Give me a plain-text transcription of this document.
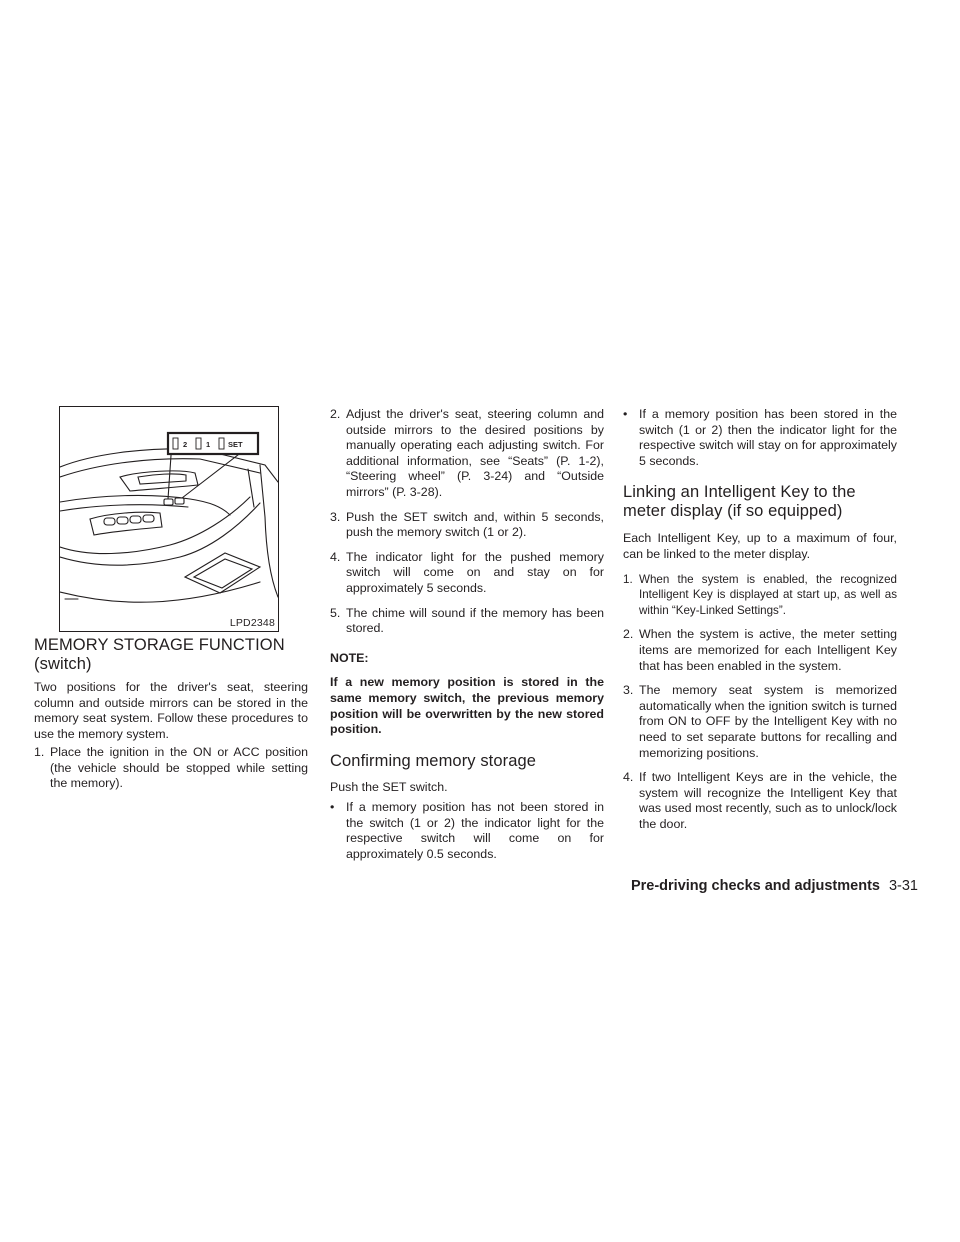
2	1 SET
LPD2348
MEMORY STORAGE FUNCTION
(switch)

Two positions for the driver's seat, steering column and outside mirrors can be stored in the memory seat system. Follow these procedures to use the memory system.

1. Place the ignition in the ON or ACC position (the vehicle should be stopped while setting the memory).
2. Adjust the driver's seat, steering column and outside mirrors to the desired positions by manually operating each adjusting switch. For additional information, see “Seats” (P. 1-2), “Steering wheel” (P. 3-24) and “Outside mirrors” (P. 3-28).
3. Push the SET switch and, within 5 seconds, push the memory switch (1 or 2).
4. The indicator light for the pushed memory switch will come on and stay on for approximately 5 seconds.
5. The chime will sound if the memory has been stored.

NOTE:

If a new memory position is stored in the same memory switch, the previous memory position will be overwritten by the new stored position.

Confirming memory storage

Push the SET switch.

• If a memory position has not been stored in the switch (1 or 2) the indicator light for the respective switch will come on for approximately 0.5 seconds.
• If a memory position has been stored in the switch (1 or 2) then the indicator light for the respective switch will stay on for approximately 5 seconds.
Linking an Intelligent Key to the
meter display (if so equipped)

Each Intelligent Key, up to a maximum of four, can be linked to the meter display.

1. When the system is enabled, the recognized Intelligent Key is displayed at start up, as well as within “Key-Linked Settings”.
2. When the system is active, the meter setting items are memorized for each Intelligent Key that has been enabled in the system.
3. The memory seat system is memorized automatically when the ignition switch is turned from ON to OFF by the Intelligent Key with no need to set separate buttons for recalling and memorizing positions.
4. If two Intelligent Keys are in the vehicle, the system will recognize the Intelligent Key that was used most recently, such as to unlock/lock the door.
Pre-driving checks and adjustments 3-31
